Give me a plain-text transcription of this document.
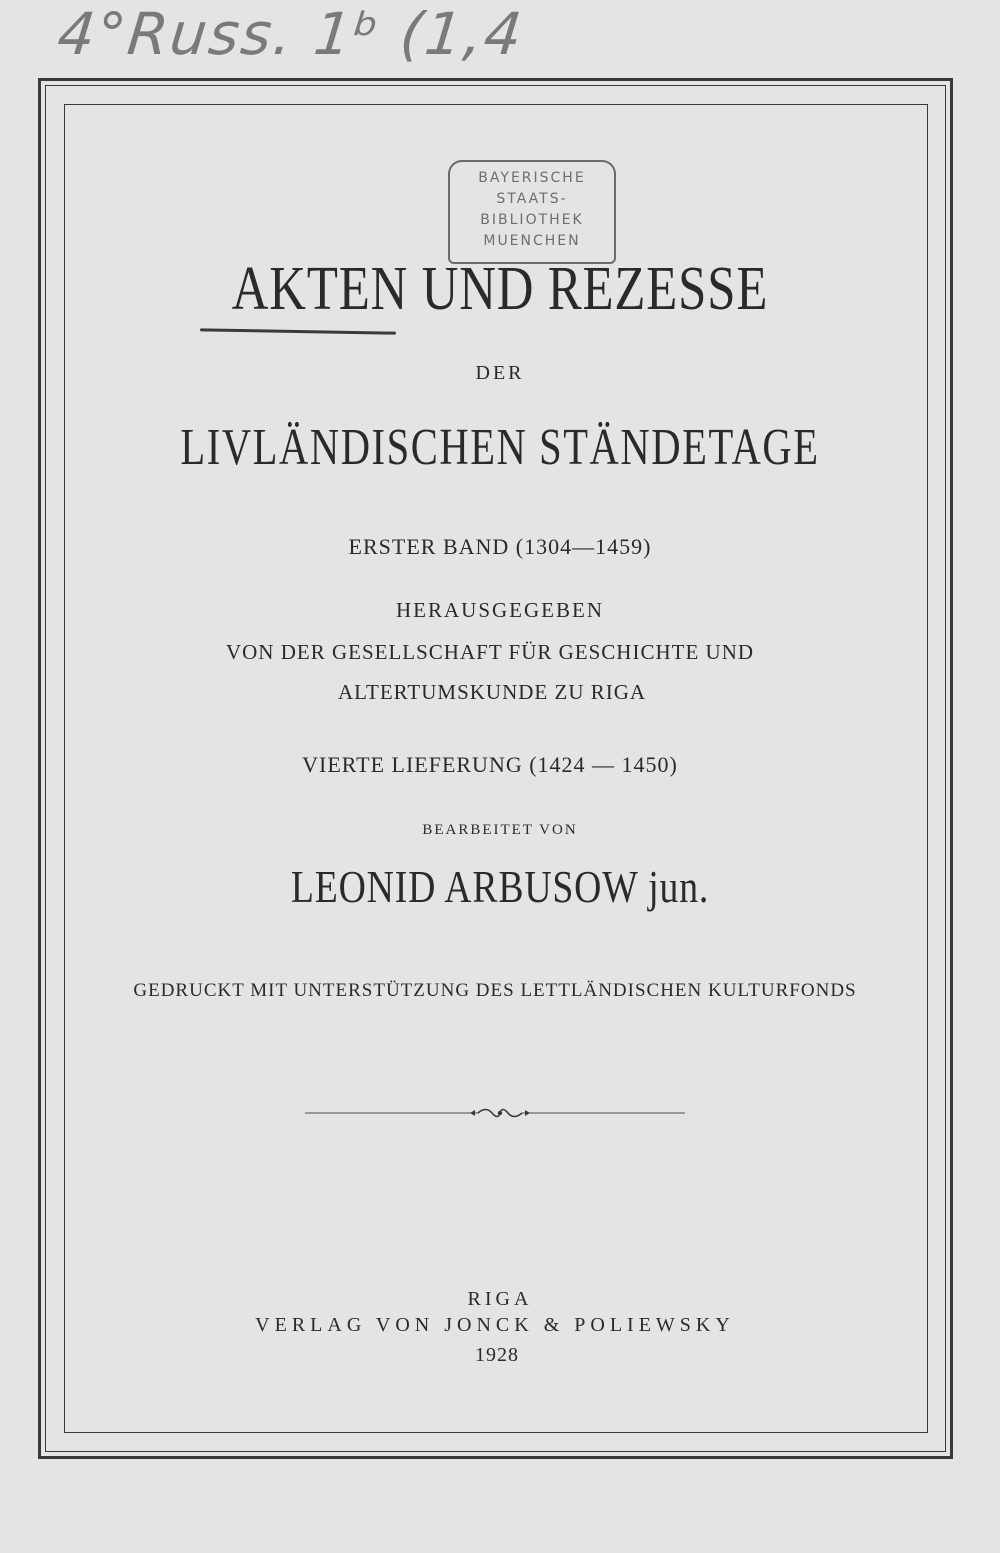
4°Russ. 1ᵇ (1,4
BAYERISCHE
STAATS-
BIBLIOTHEK
MUENCHEN
AKTEN UND REZESSE
DER
LIVLÄNDISCHEN STÄNDETAGE
ERSTER BAND (1304—1459)
HERAUSGEGEBEN
VON DER GESELLSCHAFT FÜR GESCHICHTE UND
ALTERTUMSKUNDE ZU RIGA
VIERTE LIEFERUNG (1424 — 1450)
BEARBEITET VON
LEONID ARBUSOW jun.
GEDRUCKT MIT UNTERSTÜTZUNG DES LETTLÄNDISCHEN KULTURFONDS
RIGA
VERLAG VON JONCK & POLIEWSKY
1928
